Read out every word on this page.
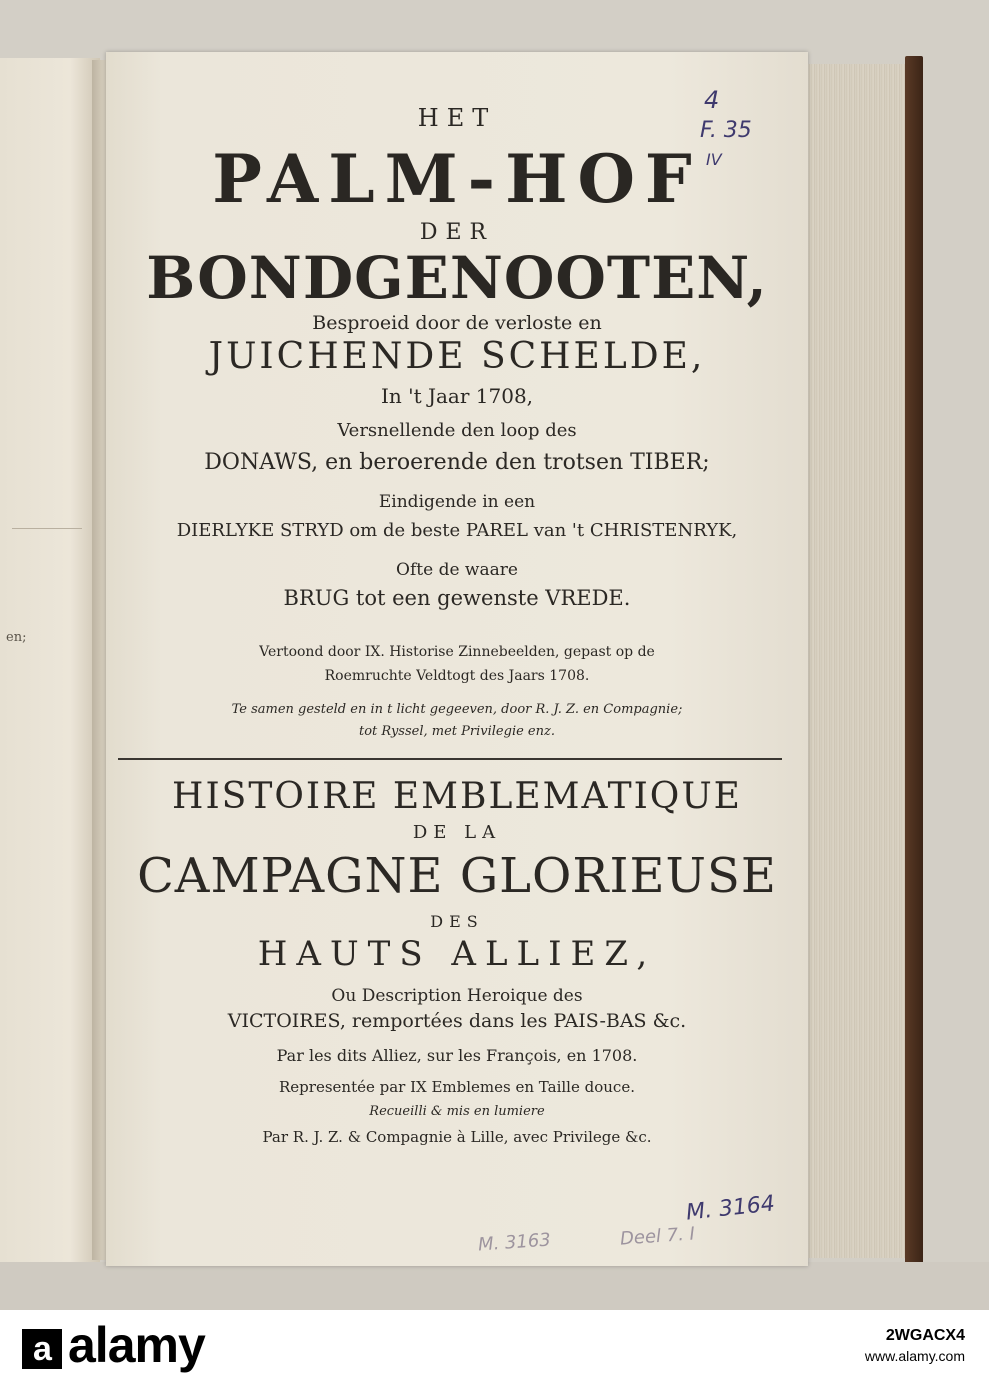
en;
HET
PALM-HOF
DER
BONDGENOOTEN,
Besproeid door de verloste en
JUICHENDE SCHELDE,
In 't Jaar 1708,
Versnellende den loop des
DONAWS, en beroerende den trotsen TIBER;
Eindigende in een
DIERLYKE STRYD om de beste PAREL van 't CHRISTENRYK,
Ofte de waare
BRUG tot een gewenste VREDE.
Vertoond door IX. Historise Zinnebeelden, gepast op de
Roemruchte Veldtogt des Jaars 1708.
Te samen gesteld en in t licht gegeeven, door R. J. Z. en Compagnie;
tot Ryssel, met Privilegie enz.
HISTOIRE EMBLEMATIQUE
DE LA
CAMPAGNE GLORIEUSE
DES
HAUTS ALLIEZ,
Ou Description Heroique des
VICTOIRES, remportées dans les PAIS-BAS &c.
Par les dits Alliez, sur les François, en 1708.
Representée par IX Emblemes en Taille douce.
Recueilli & mis en lumiere
Par R. J. Z. & Compagnie à Lille, avec Privilege &c.
4
F. 35
IV
M. 3164
M. 3163	Deel 7. I
a alamy	2WGACX4
www.alamy.com
